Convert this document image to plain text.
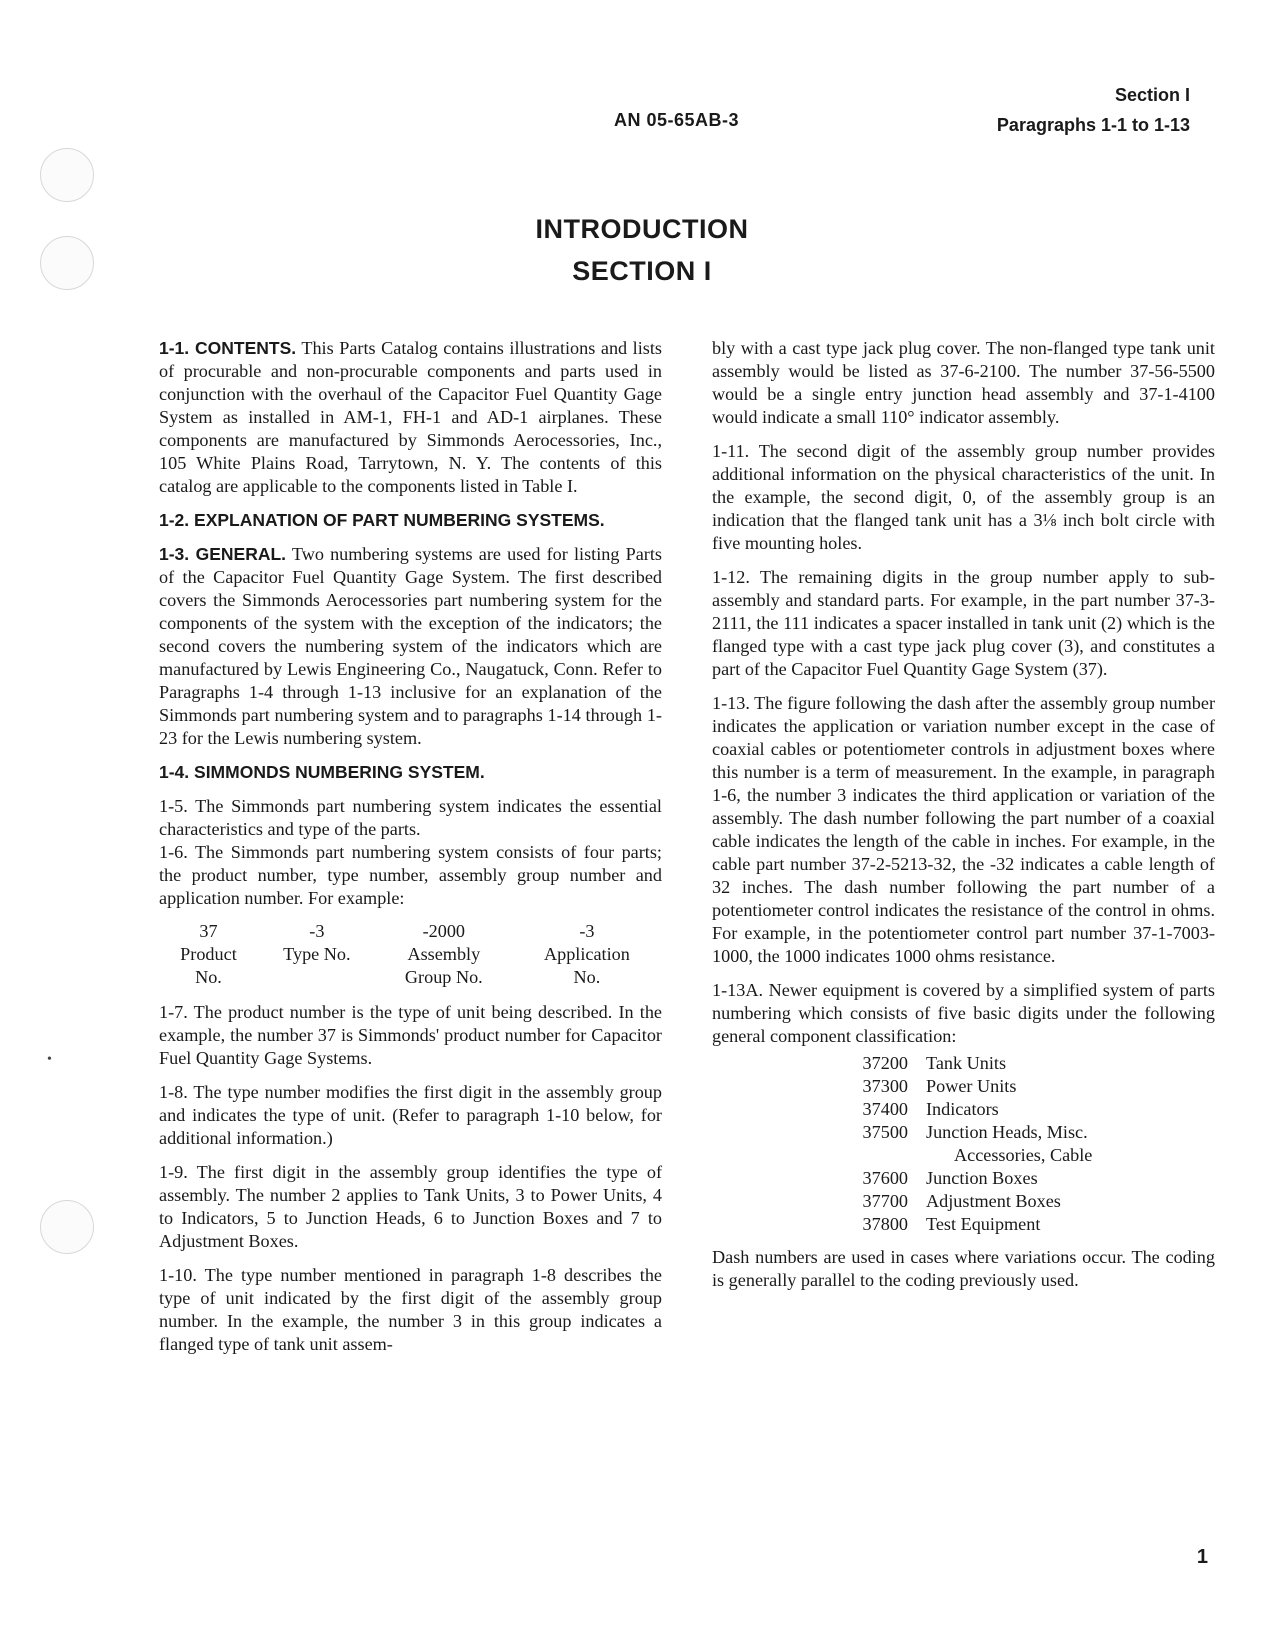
•
AN 05-65AB-3
Section I
Paragraphs 1-1 to 1-13
INTRODUCTION
SECTION I

1-1. CONTENTS. This Parts Catalog contains illustrations and lists of procurable and non-procurable components and parts used in conjunction with the overhaul of the Capacitor Fuel Quantity Gage System as installed in AM-1, FH-1 and AD-1 airplanes. These components are manufactured by Simmonds Aerocessories, Inc., 105 White Plains Road, Tarrytown, N. Y. The contents of this catalog are applicable to the components listed in Table I.

1-2. EXPLANATION OF PART NUMBERING SYSTEMS.

1-3. GENERAL. Two numbering systems are used for listing Parts of the Capacitor Fuel Quantity Gage System. The first described covers the Simmonds Aerocessories part numbering system for the components of the system with the exception of the indicators; the second covers the numbering system of the indicators which are manufactured by Lewis Engineering Co., Naugatuck, Conn. Refer to Paragraphs 1-4 through 1-13 inclusive for an explanation of the Simmonds part numbering system and to paragraphs 1-14 through 1-23 for the Lewis numbering system.

1-4. SIMMONDS NUMBERING SYSTEM.

1-5. The Simmonds part numbering system indicates the essential characteristics and type of the parts.

1-6. The Simmonds part numbering system consists of four parts; the product number, type number, assembly group number and application number. For example:

37	-3	-2000	-3
Product	Type No.	Assembly	Application
No.		Group No.	No.

1-7. The product number is the type of unit being described. In the example, the number 37 is Simmonds' product number for Capacitor Fuel Quantity Gage Systems.

1-8. The type number modifies the first digit in the assembly group and indicates the type of unit. (Refer to paragraph 1-10 below, for additional information.)

1-9. The first digit in the assembly group identifies the type of assembly. The number 2 applies to Tank Units, 3 to Power Units, 4 to Indicators, 5 to Junction Heads, 6 to Junction Boxes and 7 to Adjustment Boxes.

1-10. The type number mentioned in paragraph 1-8 describes the type of unit indicated by the first digit of the assembly group number. In the example, the number 3 in this group indicates a flanged type of tank unit assem-

bly with a cast type jack plug cover. The non-flanged type tank unit assembly would be listed as 37-6-2100. The number 37-56-5500 would be a single entry junction head assembly and 37-1-4100 would indicate a small 110° indicator assembly.

1-11. The second digit of the assembly group number provides additional information on the physical characteristics of the unit. In the example, the second digit, 0, of the assembly group is an indication that the flanged tank unit has a 3⅛ inch bolt circle with five mounting holes.

1-12. The remaining digits in the group number apply to sub-assembly and standard parts. For example, in the part number 37-3-2111, the 111 indicates a spacer installed in tank unit (2) which is the flanged type with a cast type jack plug cover (3), and constitutes a part of the Capacitor Fuel Quantity Gage System (37).

1-13. The figure following the dash after the assembly group number indicates the application or variation number except in the case of coaxial cables or potentiometer controls in adjustment boxes where this number is a term of measurement. In the example, in paragraph 1-6, the number 3 indicates the third application or variation of the assembly. The dash number following the part number of a coaxial cable indicates the length of the cable in inches. For example, in the cable part number 37-2-5213-32, the -32 indicates a cable length of 32 inches. The dash number following the part number of a potentiometer control indicates the resistance of the control in ohms. For example, in the potentiometer control part number 37-1-7003-1000, the 1000 indicates 1000 ohms resistance.

1-13A. Newer equipment is covered by a simplified system of parts numbering which consists of five basic digits under the following general component classification:

37200	Tank Units
37300	Power Units
37400	Indicators
37500	Junction Heads, Misc.
Accessories, Cable

37600	Junction Boxes
37700	Adjustment Boxes
37800	Test Equipment

Dash numbers are used in cases where variations occur. The coding is generally parallel to the coding previously used.

1
